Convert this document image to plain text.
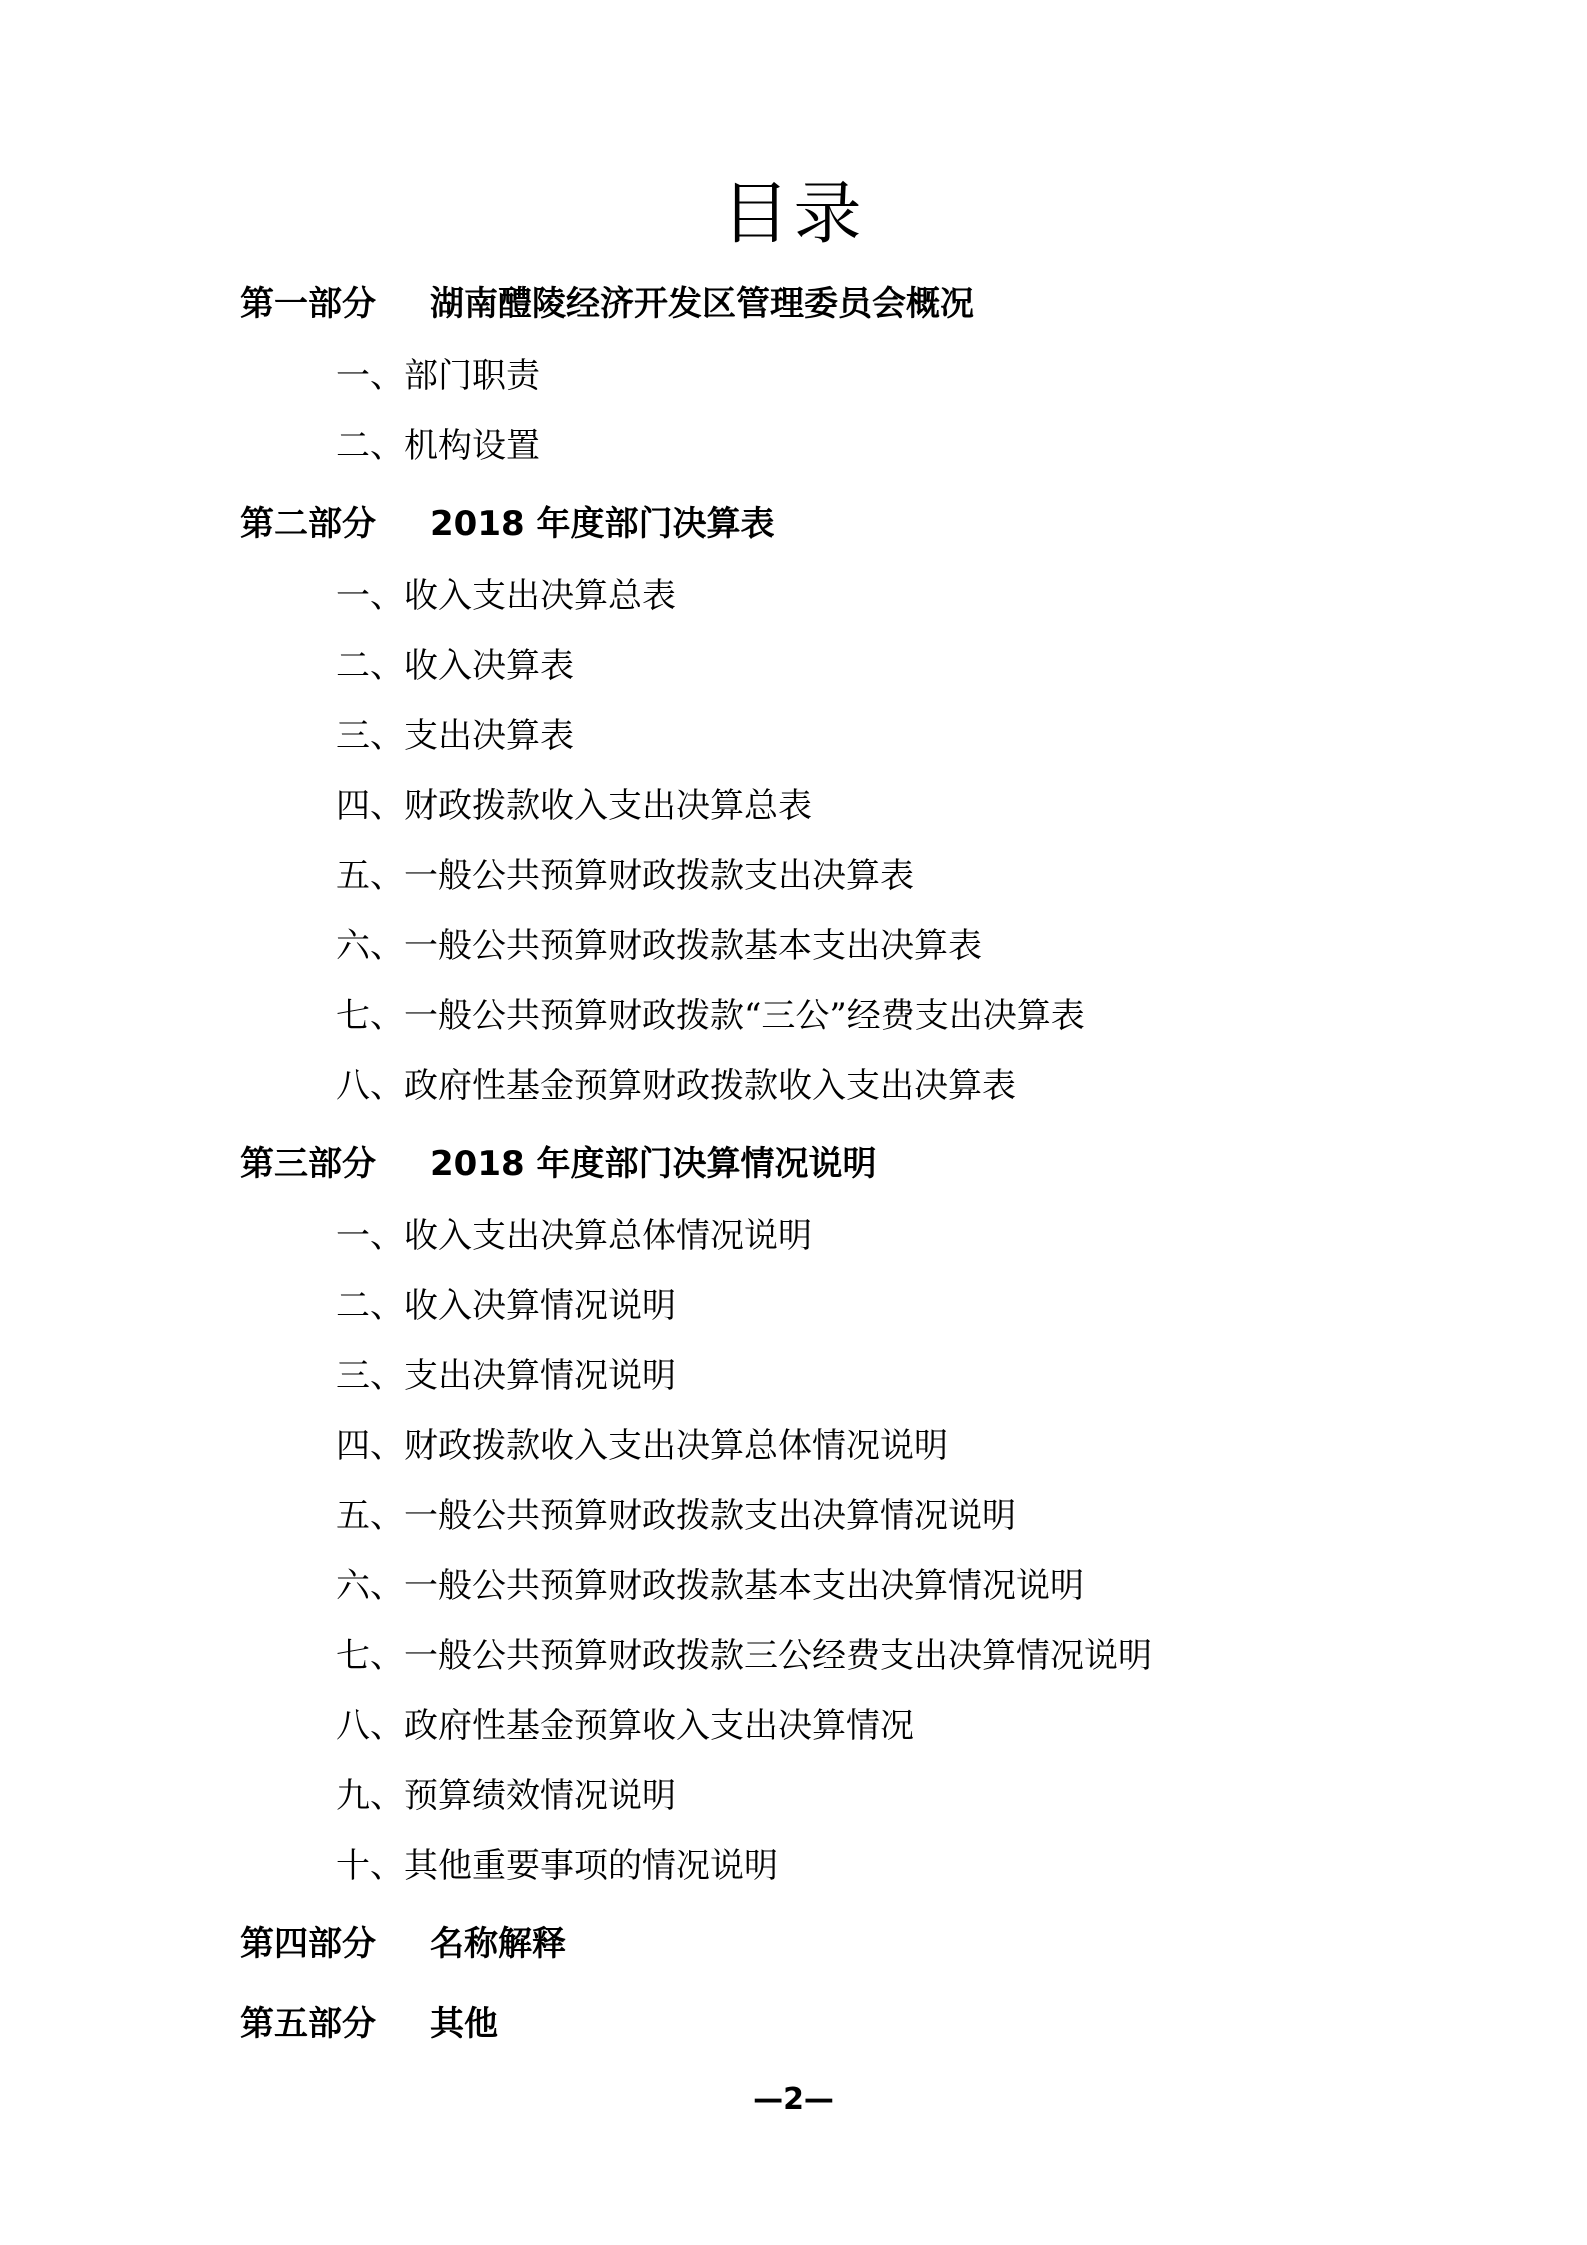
目录
第一部分 湖南醴陵经济开发区管理委员会概况
一、部门职责
二、机构设置
第二部分 2018 年度部门决算表
一、收入支出决算总表
二、收入决算表
三、支出决算表
四、财政拨款收入支出决算总表
五、一般公共预算财政拨款支出决算表
六、一般公共预算财政拨款基本支出决算表
七、一般公共预算财政拨款“三公”经费支出决算表
八、政府性基金预算财政拨款收入支出决算表
第三部分 2018 年度部门决算情况说明
一、收入支出决算总体情况说明
二、收入决算情况说明
三、支出决算情况说明
四、财政拨款收入支出决算总体情况说明
五、一般公共预算财政拨款支出决算情况说明
六、一般公共预算财政拨款基本支出决算情况说明
七、一般公共预算财政拨款三公经费支出决算情况说明
八、政府性基金预算收入支出决算情况
九、预算绩效情况说明
十、其他重要事项的情况说明
第四部分 名称解释
第五部分 其他
—2—
